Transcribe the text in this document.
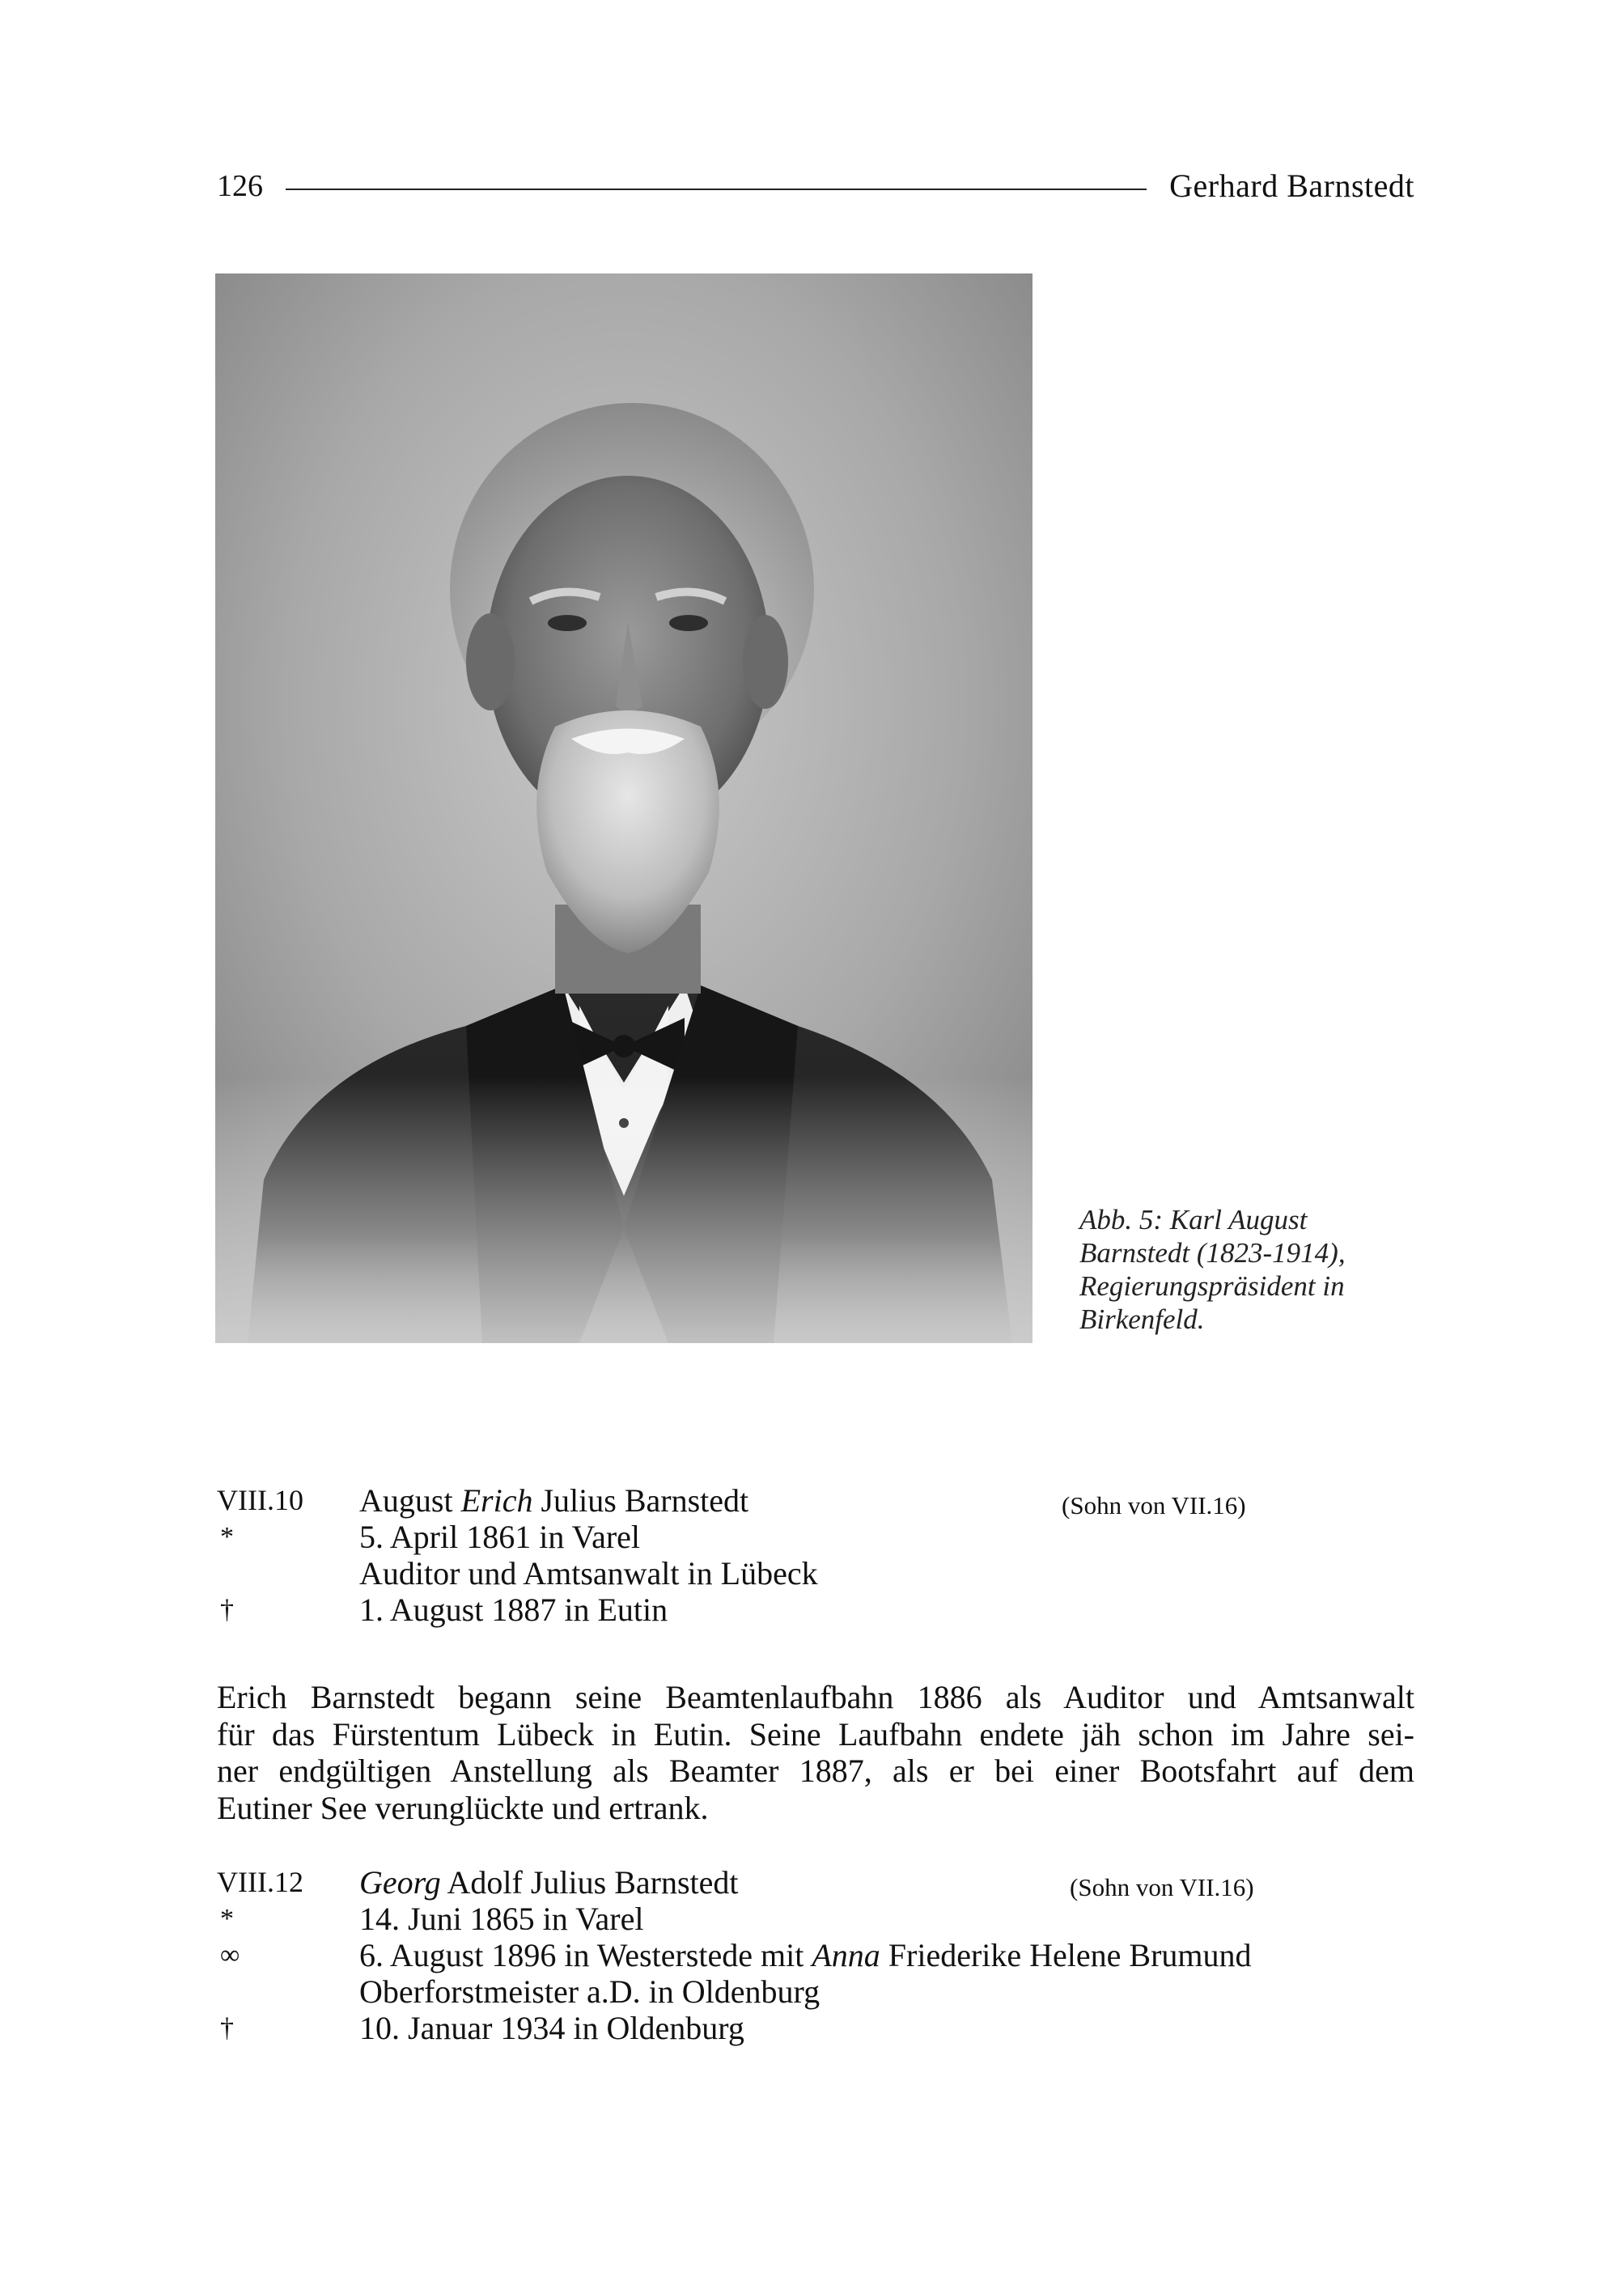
126	Gerhard Barnstedt
Abb. 5: Karl August
Barnstedt (1823-1914),
Regierungspräsident in
Birkenfeld.
VIII.10 August Erich Julius Barnstedt	(Sohn von VII.16)
*	5. April 1861 in Varel
Auditor und Amtsanwalt in Lübeck
†	1. August 1887 in Eutin
Erich Barnstedt begann seine Beamtenlaufbahn 1886 als Auditor und Amtsanwalt
für das Fürstentum Lübeck in Eutin. Seine Laufbahn endete jäh schon im Jahre sei-
ner endgültigen Anstellung als Beamter 1887, als er bei einer Bootsfahrt auf dem
Eutiner See verunglückte und ertrank.
VIII.12 Georg Adolf Julius Barnstedt	(Sohn von VII.16)
*	14. Juni 1865 in Varel
∞	6. August 1896 in Westerstede mit Anna Friederike Helene Brumund
Oberforstmeister a.D. in Oldenburg
†	10. Januar 1934 in Oldenburg
